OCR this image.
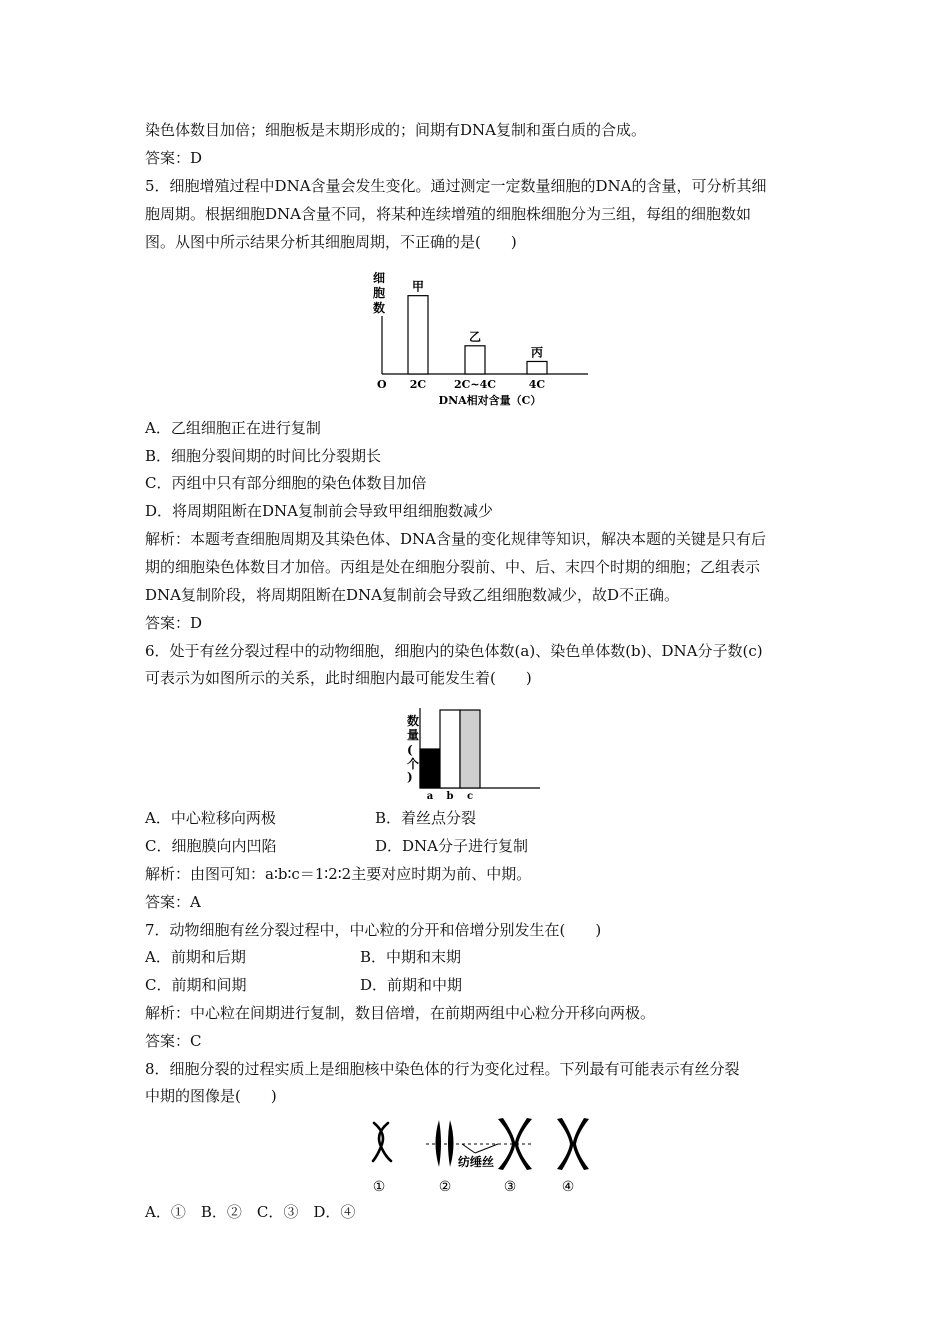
染色体数目加倍；细胞板是末期形成的；间期有DNA复制和蛋白质的合成。
答案：D
5．细胞增殖过程中DNA含量会发生变化。通过测定一定数量细胞的DNA的含量，可分析其细
胞周期。根据细胞DNA含量不同，将某种连续增殖的细胞株细胞分为三组，每组的细胞数如
图。从图中所示结果分析其细胞周期，不正确的是(　　)
细
胞
数
O
甲
2C
乙
2C~4C
丙
4C
DNA相对含量（C）
A．乙组细胞正在进行复制
B．细胞分裂间期的时间比分裂期长
C．丙组中只有部分细胞的染色体数目加倍
D．将周期阻断在DNA复制前会导致甲组细胞数减少
解析：本题考查细胞周期及其染色体、DNA含量的变化规律等知识，解决本题的关键是只有后
期的细胞染色体数目才加倍。丙组是处在细胞分裂前、中、后、末四个时期的细胞；乙组表示
DNA复制阶段，将周期阻断在DNA复制前会导致乙组细胞数减少，故D不正确。
答案：D
6．处于有丝分裂过程中的动物细胞，细胞内的染色体数(a)、染色单体数(b)、DNA分子数(c)
可表示为如图所示的关系，此时细胞内最可能发生着(　　)
数
量
(
个
)
a b c
A．中心粒移向两极	B．着丝点分裂
C．细胞膜向内凹陷	D．DNA分子进行复制
解析：由图可知：a∶b∶c＝1∶2∶2主要对应时期为前、中期。
答案：A
7．动物细胞有丝分裂过程中，中心粒的分开和倍增分别发生在(　　)
A．前期和后期	B．中期和末期
C．前期和间期	D．前期和中期
解析：中心粒在间期进行复制，数目倍增，在前期两组中心粒分开移向两极。
答案：C
8．细胞分裂的过程实质上是细胞核中染色体的行为变化过程。下列最有可能表示有丝分裂
中期的图像是(　　)
纺缍丝
①	②	③	④
A．①　B．②　C．③　D．④
